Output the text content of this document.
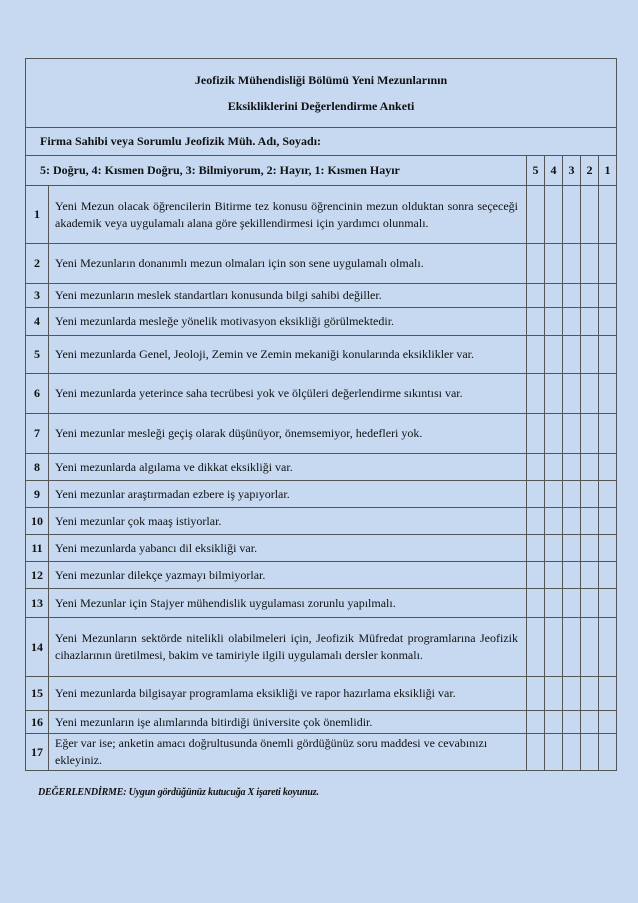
Jeofizik Mühendisliği Bölümü Yeni Mezunlarının
Eksikliklerini Değerlendirme Anketi						

Firma Sahibi veya Sorumlu Jeofizik Müh. Adı, Soyadı:						
5: Doğru, 4: Kısmen Doğru, 3: Bilmiyorum, 2: Hayır, 1: Kısmen Hayır		5	4	3	2	1
1	Yeni Mezun olacak öğrencilerin Bitirme tez konusu öğrencinin mezun olduktan sonra seçeceği akademik veya uygulamalı alana göre şekillendirmesi için yardımcı olunmalı.					
2	Yeni Mezunların donanımlı mezun olmaları için son sene uygulamalı olmalı.					
3	Yeni mezunların meslek standartları konusunda bilgi sahibi değiller.					
4	Yeni mezunlarda mesleğe yönelik motivasyon eksikliği görülmektedir.					
5	Yeni mezunlarda Genel, Jeoloji, Zemin ve Zemin mekaniği konularında eksiklikler var.					
6	Yeni mezunlarda yeterince saha tecrübesi yok ve ölçüleri değerlendirme sıkıntısı var.					
7	Yeni mezunlar mesleği geçiş olarak düşünüyor, önemsemiyor, hedefleri yok.					
8	Yeni mezunlarda algılama ve dikkat eksikliği var.					
9	Yeni mezunlar araştırmadan ezbere iş yapıyorlar.					
10	Yeni mezunlar çok maaş istiyorlar.					
11	Yeni mezunlarda yabancı dil eksikliği var.					
12	Yeni mezunlar dilekçe yazmayı bilmiyorlar.					
13	Yeni Mezunlar için Stajyer mühendislik uygulaması zorunlu yapılmalı.					
14	Yeni Mezunların sektörde nitelikli olabilmeleri için, Jeofizik Müfredat programlarına Jeofizik cihazlarının üretilmesi, bakim ve tamiriyle ilgili uygulamalı dersler konmalı.					
15	Yeni mezunlarda bilgisayar programlama eksikliği ve rapor hazırlama eksikliği var.					
16	Yeni mezunların işe alımlarında bitirdiği üniversite çok önemlidir.					
17	Eğer var ise; anketin amacı doğrultusunda önemli gördüğünüz soru maddesi ve cevabınızı ekleyiniz.					
DEĞERLENDİRME: Uygun gördüğünüz kutucuğa X işareti koyunuz.
